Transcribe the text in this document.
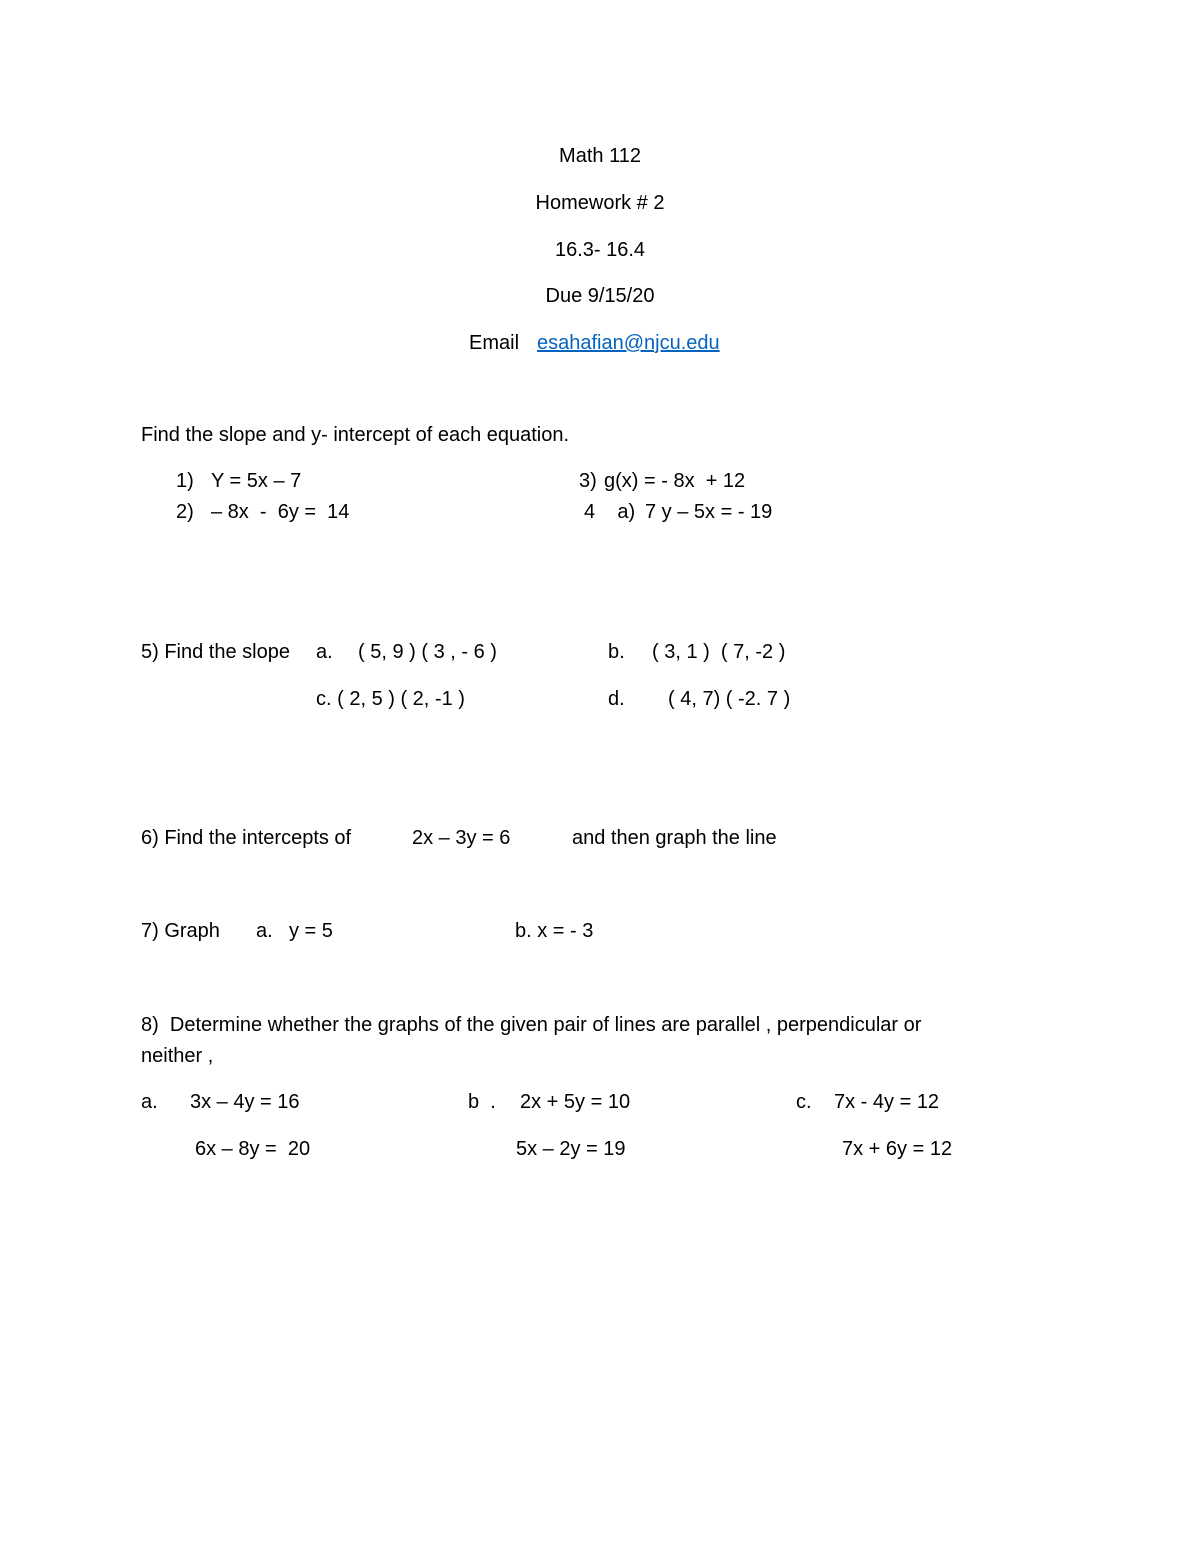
Math 112
Homework # 2
16.3- 16.4
Due 9/15/20
Email esahafian@njcu.edu
Find the slope and y- intercept of each equation.
1) Y = 5x – 7
2) – 8x  -  6y =  14
3) g(x) = - 8x  + 12
4    a) 7 y – 5x = - 19
5) Find the slope a. ( 5, 9 ) ( 3 , - 6 )	b. ( 3, 1 )  ( 7, -2 )
c. ( 2, 5 ) ( 2, -1 )	d. ( 4, 7) ( -2. 7 )
6) Find the intercepts of	2x – 3y = 6	and then graph the line
7) Graph a. y = 5	b. x = - 3
8)  Determine whether the graphs of the given pair of lines are parallel , perpendicular or
neither ,
a. 3x – 4y = 16
6x – 8y =  20
b  . 2x + 5y = 10
5x – 2y = 19
c. 7x - 4y = 12
7x + 6y = 12
